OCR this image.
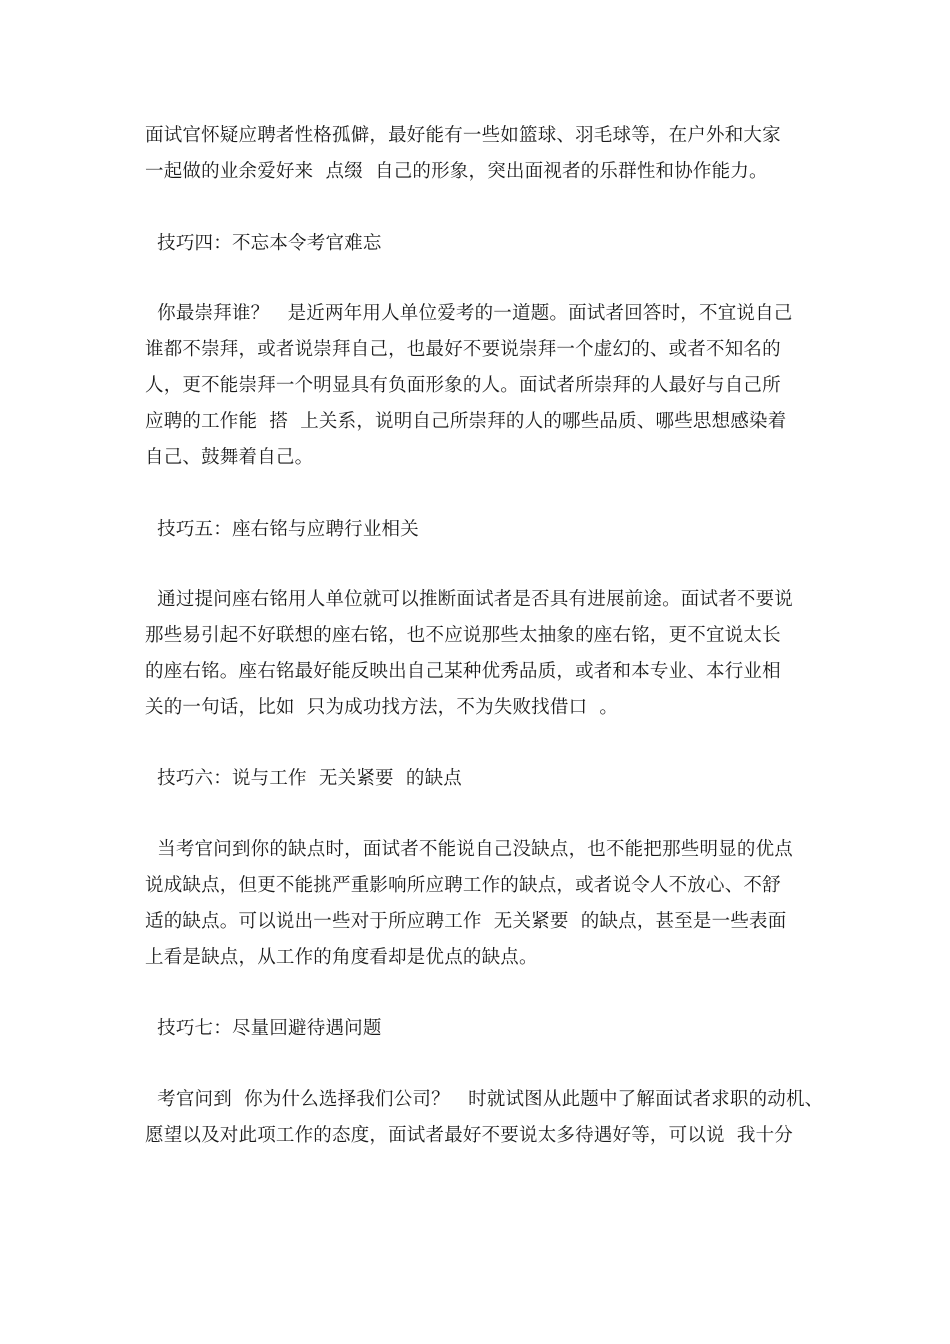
面试官怀疑应聘者性格孤僻，最好能有一些如篮球、羽毛球等，在户外和大家

一起做的业余爱好来  点缀  自己的形象，突出面视者的乐群性和协作能力。

技巧四：不忘本令考官难忘

你最崇拜谁？   是近两年用人单位爱考的一道题。面试者回答时，不宜说自己

谁都不崇拜，或者说崇拜自己，也最好不要说崇拜一个虚幻的、或者不知名的

人，更不能崇拜一个明显具有负面形象的人。面试者所崇拜的人最好与自己所

应聘的工作能  搭  上关系，说明自己所崇拜的人的哪些品质、哪些思想感染着

自己、鼓舞着自己。

技巧五：座右铭与应聘行业相关

通过提问座右铭用人单位就可以推断面试者是否具有进展前途。面试者不要说

那些易引起不好联想的座右铭，也不应说那些太抽象的座右铭，更不宜说太长

的座右铭。座右铭最好能反映出自己某种优秀品质，或者和本专业、本行业相

关的一句话，比如  只为成功找方法，不为失败找借口  。

技巧六：说与工作  无关紧要  的缺点

当考官问到你的缺点时，面试者不能说自己没缺点，也不能把那些明显的优点

说成缺点，但更不能挑严重影响所应聘工作的缺点，或者说令人不放心、不舒

适的缺点。可以说出一些对于所应聘工作  无关紧要  的缺点，甚至是一些表面

上看是缺点，从工作的角度看却是优点的缺点。

技巧七：尽量回避待遇问题

考官问到  你为什么选择我们公司？   时就试图从此题中了解面试者求职的动机、

愿望以及对此项工作的态度，面试者最好不要说太多待遇好等，可以说  我十分
